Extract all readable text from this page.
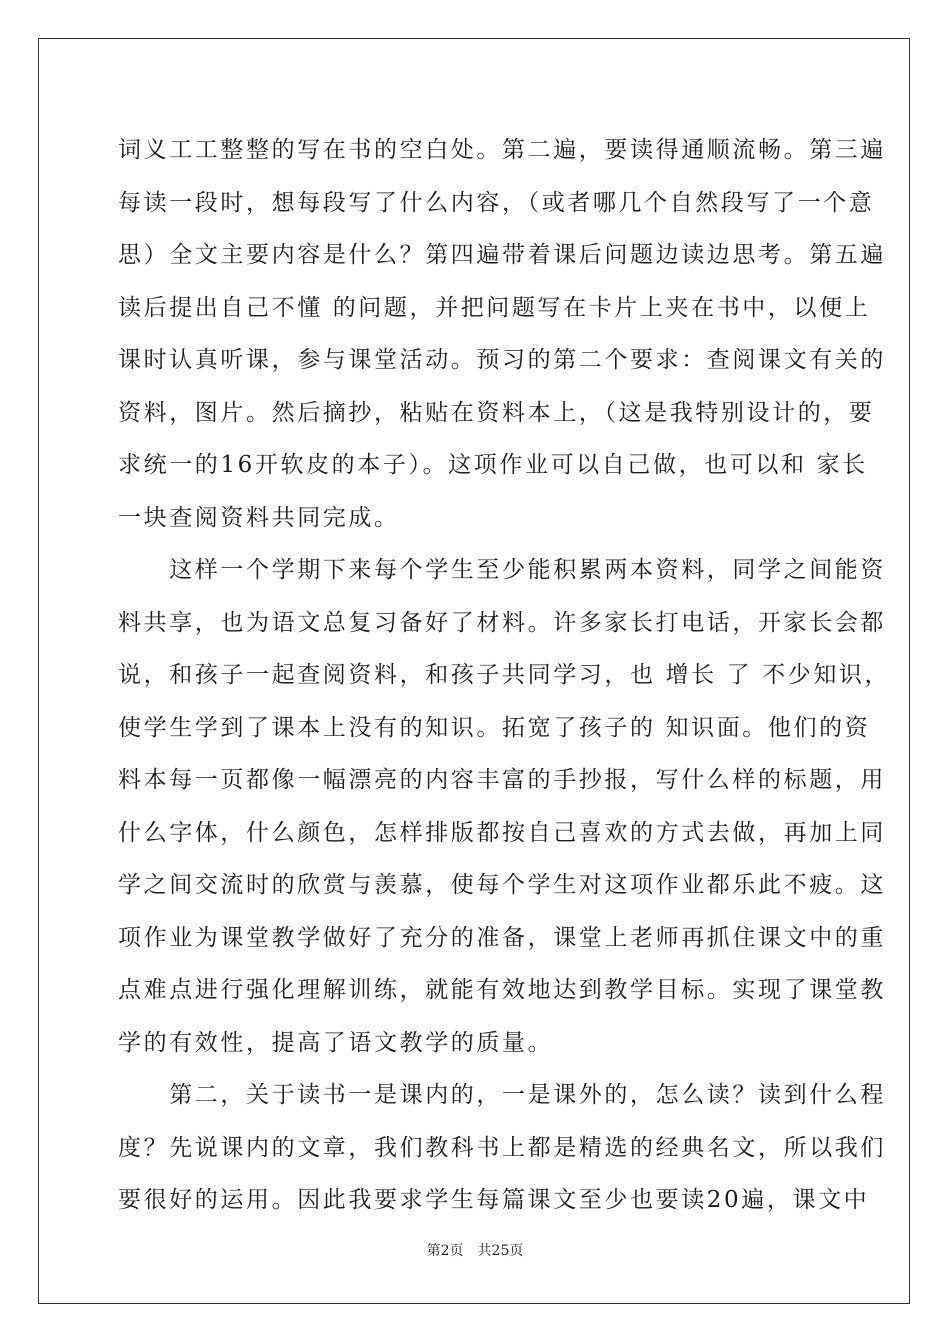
词义工工整整的写在书的空白处。第二遍，要读得通顺流畅。第三遍
每读一段时，想每段写了什么内容，（或者哪几个自然段写了一个意
思）全文主要内容是什么？第四遍带着课后问题边读边思考。第五遍
读后提出自己不懂 的问题，并把问题写在卡片上夹在书中，以便上
课时认真听课，参与课堂活动。预习的第二个要求：查阅课文有关的
资料，图片。然后摘抄，粘贴在资料本上，（这是我特别设计的，要
求统一的16开软皮的本子）。这项作业可以自己做，也可以和 家长
一块查阅资料共同完成。
　　这样一个学期下来每个学生至少能积累两本资料，同学之间能资
料共享，也为语文总复习备好了材料。许多家长打电话，开家长会都
说，和孩子一起查阅资料，和孩子共同学习，也 增长 了 不少知识，
使学生学到了课本上没有的知识。拓宽了孩子的 知识面。他们的资
料本每一页都像一幅漂亮的内容丰富的手抄报，写什么样的标题，用
什么字体，什么颜色，怎样排版都按自己喜欢的方式去做，再加上同
学之间交流时的欣赏与羡慕，使每个学生对这项作业都乐此不疲。这
项作业为课堂教学做好了充分的准备，课堂上老师再抓住课文中的重
点难点进行强化理解训练，就能有效地达到教学目标。实现了课堂教
学的有效性，提高了语文教学的质量。
　　第二，关于读书一是课内的，一是课外的，怎么读？读到什么程
度？先说课内的文章，我们教科书上都是精选的经典名文，所以我们
要很好的运用。因此我要求学生每篇课文至少也要读20遍，课文中
第2页　共25页
